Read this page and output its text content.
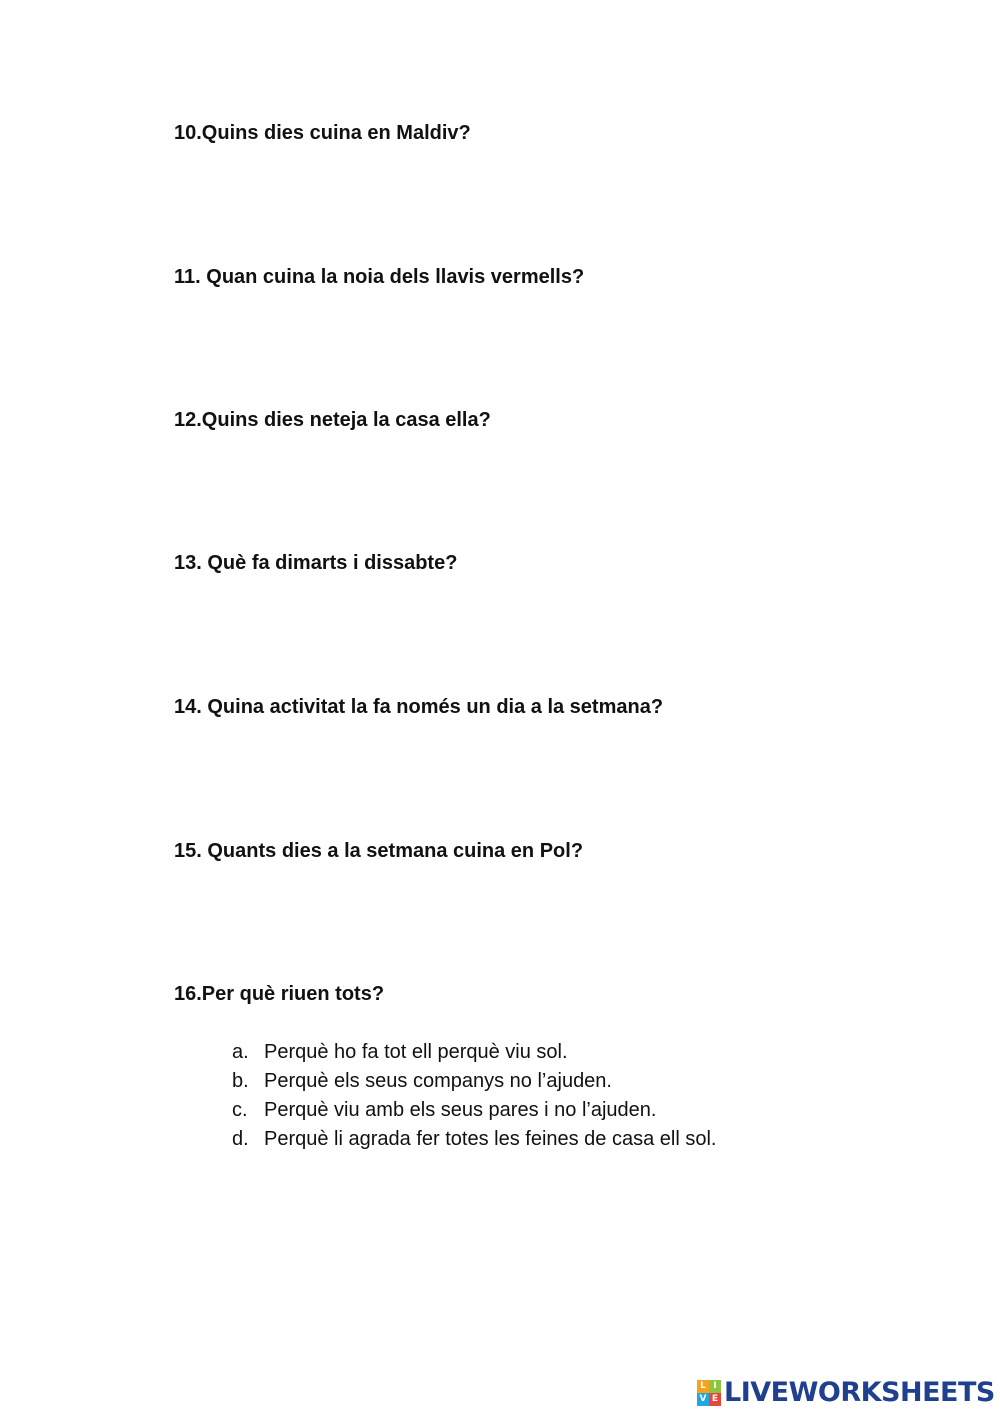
10.Quins dies cuina en Maldiv?
11. Quan cuina la noia dels llavis vermells?
12.Quins dies neteja la casa ella?
13. Què fa dimarts i dissabte?
14. Quina activitat la fa només un dia a la setmana?
15. Quants dies a la setmana cuina en Pol?
16.Per què riuen tots?
a. Perquè ho fa tot ell perquè viu sol.
b. Perquè els seus companys no l’ajuden.
c. Perquè viu amb els seus pares i no l’ajuden.
d. Perquè li agrada fer totes les feines de casa ell sol.
L I
V E LIVEWORKSHEETS
